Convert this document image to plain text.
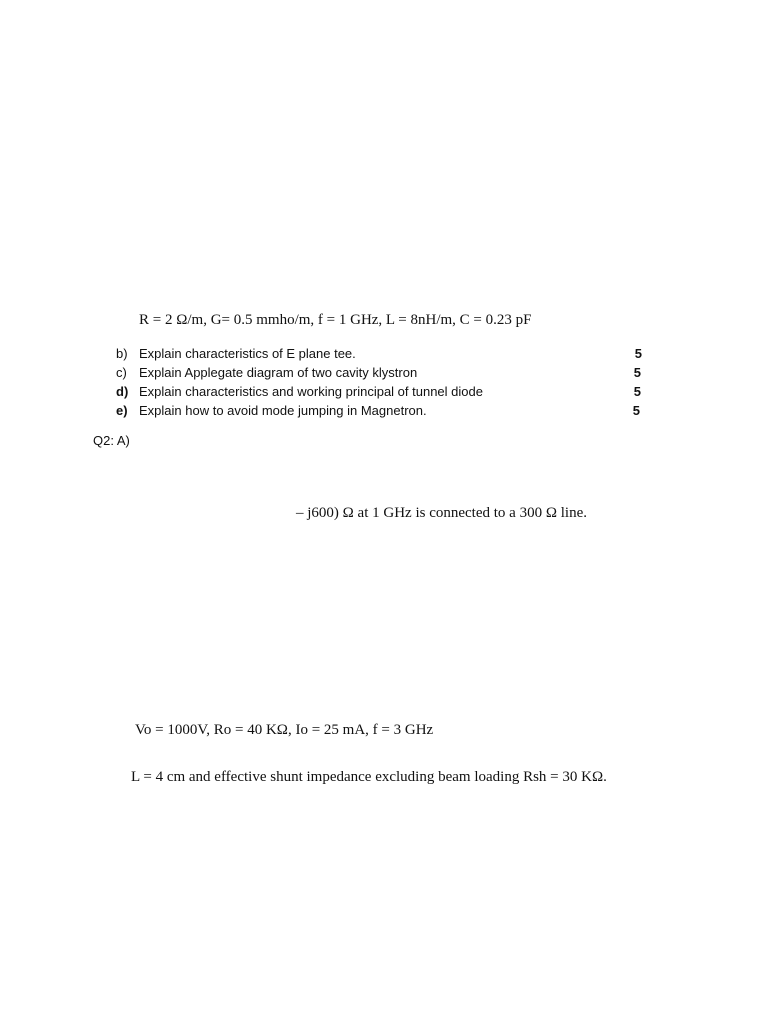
R = 2 Ω/m, G= 0.5 mmho/m, f = 1 GHz, L = 8nH/m, C = 0.23 pF
b) Explain characteristics of E plane tee.	5
c) Explain Applegate diagram of two cavity klystron	5
d) Explain characteristics and working principal of tunnel diode	5
e) Explain how to avoid mode jumping in Magnetron.	5
Q2: A)
– j600) Ω at 1 GHz is connected to a 300 Ω line.
Vo = 1000V, Ro = 40 KΩ, Io = 25 mA, f = 3 GHz
L = 4 cm and effective shunt impedance excluding beam loading Rsh = 30 KΩ.
